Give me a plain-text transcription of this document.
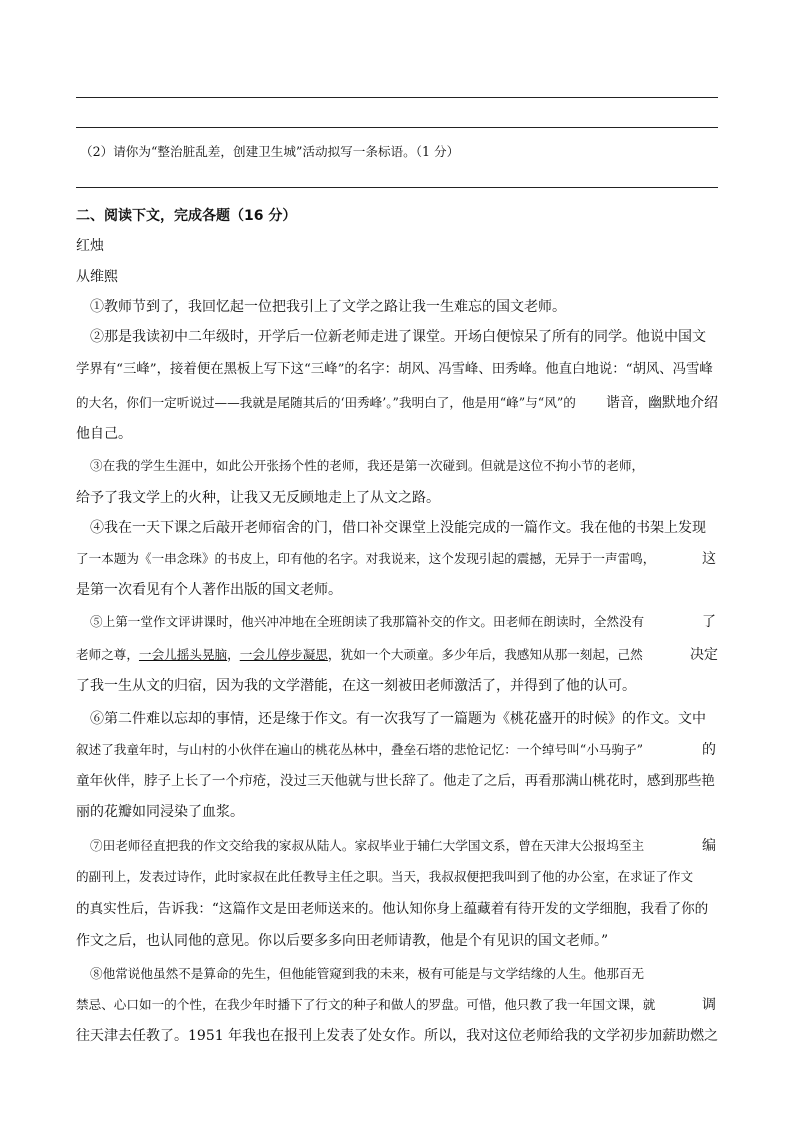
（2）请你为“整治脏乱差，创建卫生城”活动拟写一条标语。（1 分）
二、阅读下文，完成各题（16 分）
红烛
从维熙
①教师节到了，我回忆起一位把我引上了文学之路让我一生难忘的国文老师。
②那是我读初中二年级时，开学后一位新老师走进了课堂。开场白便惊呆了所有的同学。他说中国文
学界有“三峰”，接着便在黑板上写下这“三峰”的名字：胡风、冯雪峰、田秀峰。他直白地说：“胡风、冯雪峰
的大名，你们一定听说过——我就是尾随其后的‘田秀峰’。”我明白了，他是用“峰”与“风”的 谐音，幽默地介绍
他自己。
③在我的学生生涯中，如此公开张扬个性的老师，我还是第一次碰到。但就是这位不拘小节的老师，
给予了我文学上的火种，让我又无反顾地走上了从文之路。
④我在一天下课之后敲开老师宿舍的门，借口补交课堂上没能完成的一篇作文。我在他的书架上发现
了一本题为《一串念珠》的书皮上，印有他的名字。对我说来，这个发现引起的震撼，无异于一声雷鸣，	这
是第一次看见有个人著作出版的国文老师。
⑤上第一堂作文评讲课时，他兴冲冲地在全班朗读了我那篇补交的作文。田老师在朗读时，全然没有	了
老师之尊，一会儿摇头晃脑，一会儿停步凝思，犹如一个大顽童。多少年后，我感知从那一刻起，己然	决定
了我一生从文的归宿，因为我的文学潜能，在这一刻被田老师激活了，并得到了他的认可。
⑥第二件难以忘却的事情，还是缘于作文。有一次我写了一篇题为《桃花盛开的时候》的作文。文中
叙述了我童年时，与山村的小伙伴在遍山的桃花丛林中，叠垒石塔的悲怆记忆：一个绰号叫“小马驹子”	的
童年伙伴，脖子上长了一个疖疮，没过三天他就与世长辞了。他走了之后，再看那满山桃花时，感到那些艳
丽的花瓣如同浸染了血浆。
⑦田老师径直把我的作文交给我的家叔从陆人。家叔毕业于辅仁大学国文系，曾在天津大公报坞至主	编
的副刊上，发表过诗作，此时家叔在此任教导主任之职。当天，我叔叔便把我叫到了他的办公室，在求证了作文
的真实性后，告诉我：“这篇作文是田老师送来的。他认知你身上蕴藏着有待开发的文学细胞，我看了你的
作文之后，也认同他的意见。你以后要多多向田老师请教，他是个有见识的国文老师。”
⑧他常说他虽然不是算命的先生，但他能管窥到我的未来，极有可能是与文学结缘的人生。他那百无
禁忌、心口如一的个性，在我少年时播下了行文的种子和做人的罗盘。可惜，他只教了我一年国文课，就	调
往天津去任教了。1951 年我也在报刊上发表了处女作。所以，我对这位老师给我的文学初步加薪助燃之
